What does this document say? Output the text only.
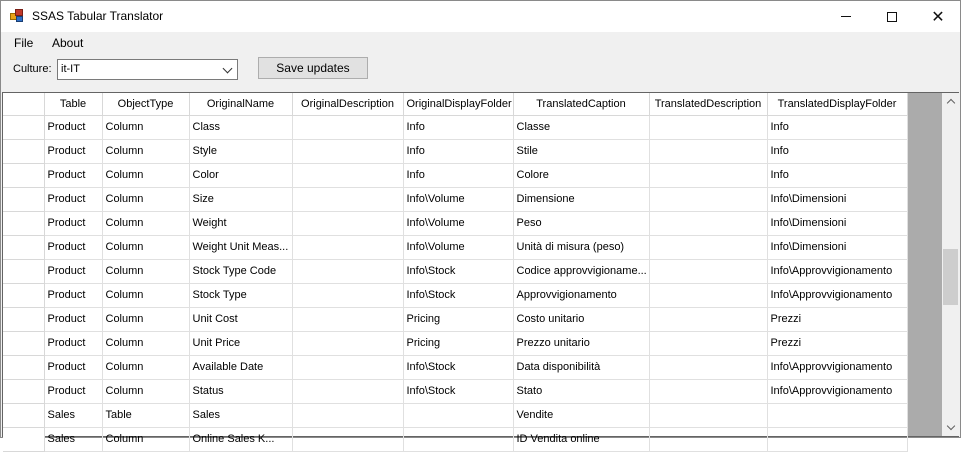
SSAS Tabular Translator	✕
File About
Culture: it-IT	Save updates
	Table	ObjectType	OriginalName	OriginalDescription	OriginalDisplayFolder	TranslatedCaption	TranslatedDescription	TranslatedDisplayFolder
	Product	Column	Class		Info	Classe		Info
	Product	Column	Style		Info	Stile		Info
	Product	Column	Color		Info	Colore		Info
	Product	Column	Size		Info\Volume	Dimensione		Info\Dimensioni
	Product	Column	Weight		Info\Volume	Peso		Info\Dimensioni
	Product	Column	Weight Unit Meas...		Info\Volume	Unità di misura (peso)		Info\Dimensioni
	Product	Column	Stock Type Code		Info\Stock	Codice approvvigioname...		Info\Approvvigionamento
	Product	Column	Stock Type		Info\Stock	Approvvigionamento		Info\Approvvigionamento
	Product	Column	Unit Cost		Pricing	Costo unitario		Prezzi
	Product	Column	Unit Price		Pricing	Prezzo unitario		Prezzi
	Product	Column	Available Date		Info\Stock	Data disponibilità		Info\Approvvigionamento
	Product	Column	Status		Info\Stock	Stato		Info\Approvvigionamento
	Sales	Table	Sales			Vendite		
	Sales	Column	Online Sales K...			ID Vendita online		
